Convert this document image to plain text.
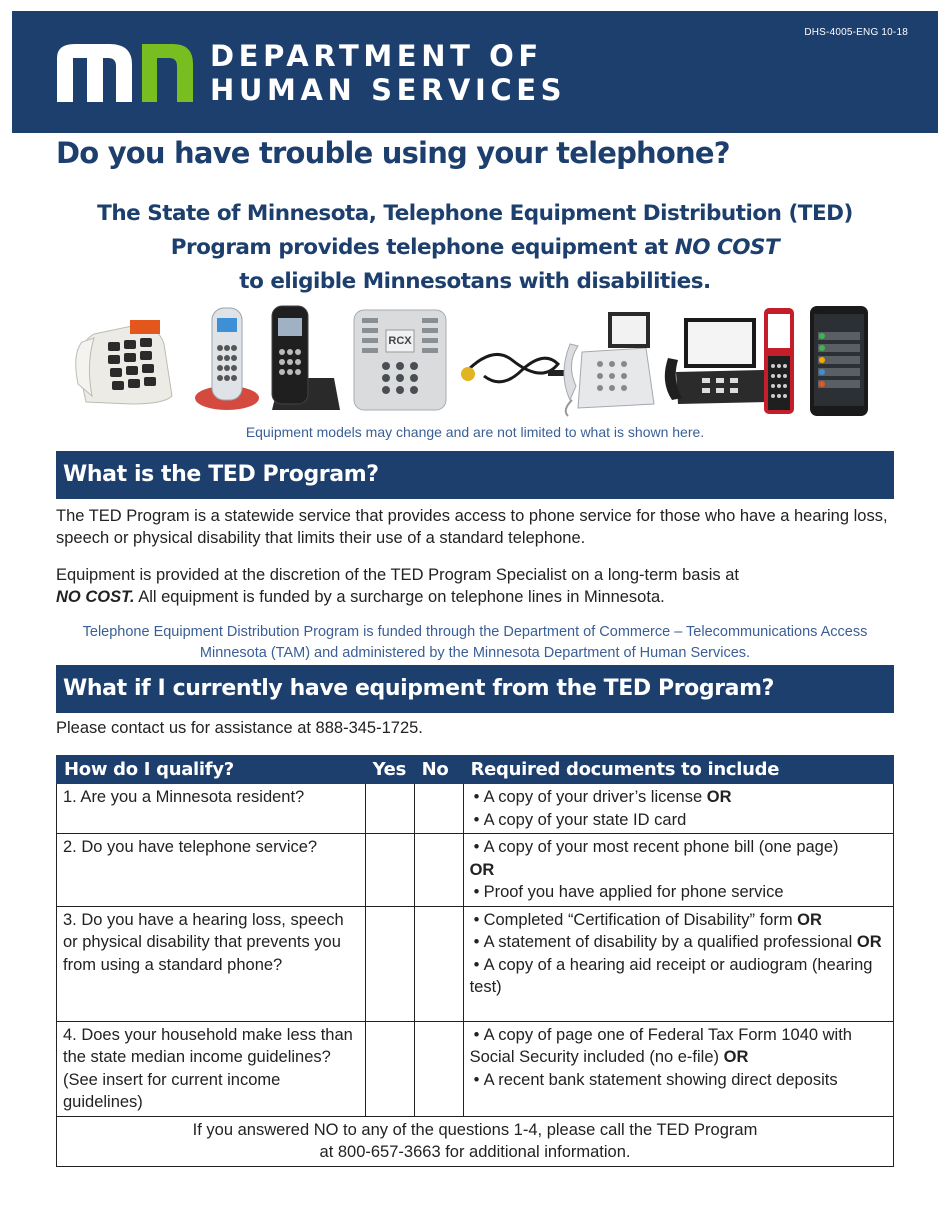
DHS-4005-ENG 10-18
DEPARTMENT OF
HUMAN SERVICES
Do you have trouble using your telephone?
The State of Minnesota, Telephone Equipment Distribution (TED)
Program provides telephone equipment at NO COST
to eligible Minnesotans with disabilities.
RCX
Equipment models may change and are not limited to what is shown here.
What is the TED Program?

The TED Program is a statewide service that provides access to phone service for those who have a hearing loss, speech or physical disability that limits their use of a standard telephone.

Equipment is provided at the discretion of the TED Program Specialist on a long-term basis at
NO COST. All equipment is funded by a surcharge on telephone lines in Minnesota.

Telephone Equipment Distribution Program is funded through the Department of Commerce – Telecommunications Access
Minnesota (TAM) and administered by the Minnesota Department of Human Services.
What if I currently have equipment from the TED Program?

Please contact us for assistance at 888-345-1725.

How do I qualify?	Yes	No	Required documents to include
1. Are you a Minnesota resident?			• A copy of your driver’s license OR
• A copy of your state ID card

2. Do you have telephone service?			• A copy of your most recent phone bill (one page)
OR
• Proof you have applied for phone service

3. Do you have a hearing loss, speech or physical disability that prevents you from using a standard phone?			• Completed “Certification of Disability” form OR
• A statement of disability by a qualified professional OR
• A copy of a hearing aid receipt or audiogram (hearing test)

4. Does your household make less than the state median income guidelines? (See insert for current income guidelines)			• A copy of page one of Federal Tax Form 1040 with Social Security included (no e-file) OR
• A recent bank statement showing direct deposits

If you answered NO to any of the questions 1-4, please call the TED Program
at 800-657-3663 for additional information.			
